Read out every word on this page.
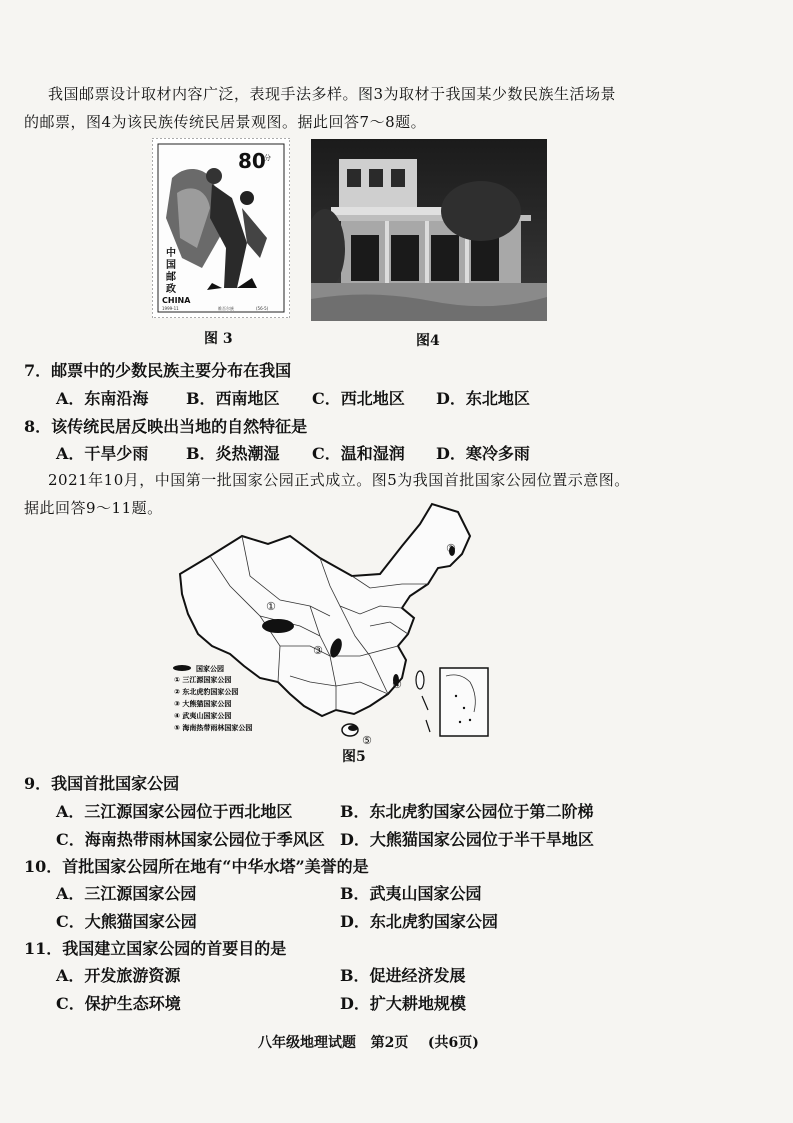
我国邮票设计取材内容广泛，表现手法多样。图3为取材于我国某少数民族生活场景
的邮票，图4为该民族传统民居景观图。据此回答7～8题。
80
分
中
国
邮
政
CHINA
1999-11	维吾尔族	(56-5)
图 3	图4
7．邮票中的少数民族主要分布在我国
A．东南沿海 B．西南地区 C．西北地区 D．东北地区
8．该传统民居反映出当地的自然特征是
A．干旱少雨 B．炎热潮湿 C．温和湿润 D．寒冷多雨
2021年10月，中国第一批国家公园正式成立。图5为我国首批国家公园位置示意图。
据此回答9～11题。
①
②
③
④
⑤
国家公园
① 三江源国家公园
② 东北虎豹国家公园
③ 大熊猫国家公园
④ 武夷山国家公园
⑤ 海南热带雨林国家公园
图5
9．我国首批国家公园
A．三江源国家公园位于西北地区	B．东北虎豹国家公园位于第二阶梯
C．海南热带雨林国家公园位于季风区 D．大熊猫国家公园位于半干旱地区
10．首批国家公园所在地有“中华水塔”美誉的是
A．三江源国家公园	B．武夷山国家公园
C．大熊猫国家公园	D．东北虎豹国家公园
11．我国建立国家公园的首要目的是
A．开发旅游资源	B．促进经济发展
C．保护生态环境	D．扩大耕地规模
八年级地理试题   第2页    (共6页)
